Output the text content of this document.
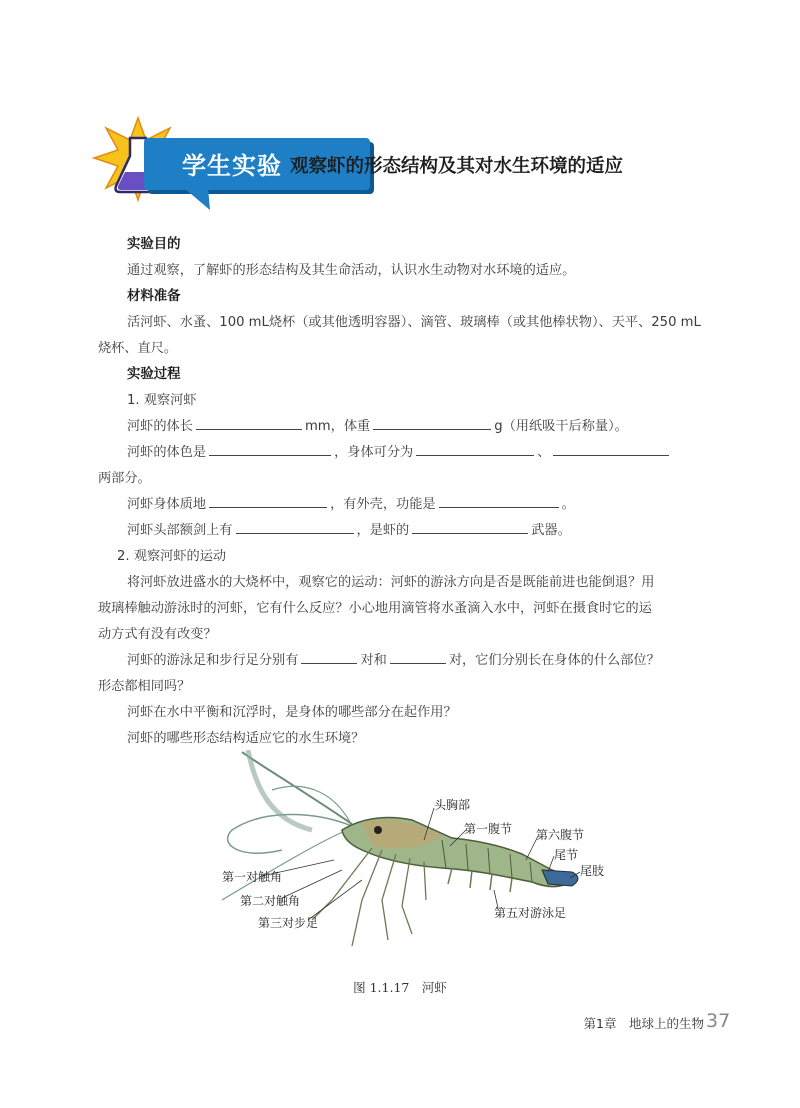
学生实验 观察虾的形态结构及其对水生环境的适应
实验目的
通过观察，了解虾的形态结构及其生命活动，认识水生动物对水环境的适应。
材料准备
活河虾、水蚤、100 mL烧杯（或其他透明容器）、滴管、玻璃棒（或其他棒状物）、天平、250 mL
烧杯、直尺。
实验过程
1. 观察河虾
河虾的体长	mm，体重	g（用纸吸干后称量）。
河虾的体色是	，身体可分为	、
两部分。
河虾身体质地	，有外壳，功能是	。
河虾头部额剑上有	，是虾的	武器。
2. 观察河虾的运动
将河虾放进盛水的大烧杯中，观察它的运动：河虾的游泳方向是否是既能前进也能倒退？用
玻璃棒触动游泳时的河虾，它有什么反应？小心地用滴管将水蚤滴入水中，河虾在摄食时它的运
动方式有没有改变？
河虾的游泳足和步行足分别有	对和	对，它们分别长在身体的什么部位？
形态都相同吗？
河虾在水中平衡和沉浮时，是身体的哪些部分在起作用？
河虾的哪些形态结构适应它的水生环境？
头胸部
第一腹节 第六腹节
尾节
尾肢
第一对触角
第二对触角
第三对步足
第五对游泳足
图 1.1.17　河虾
第1章　地球上的生物 37
